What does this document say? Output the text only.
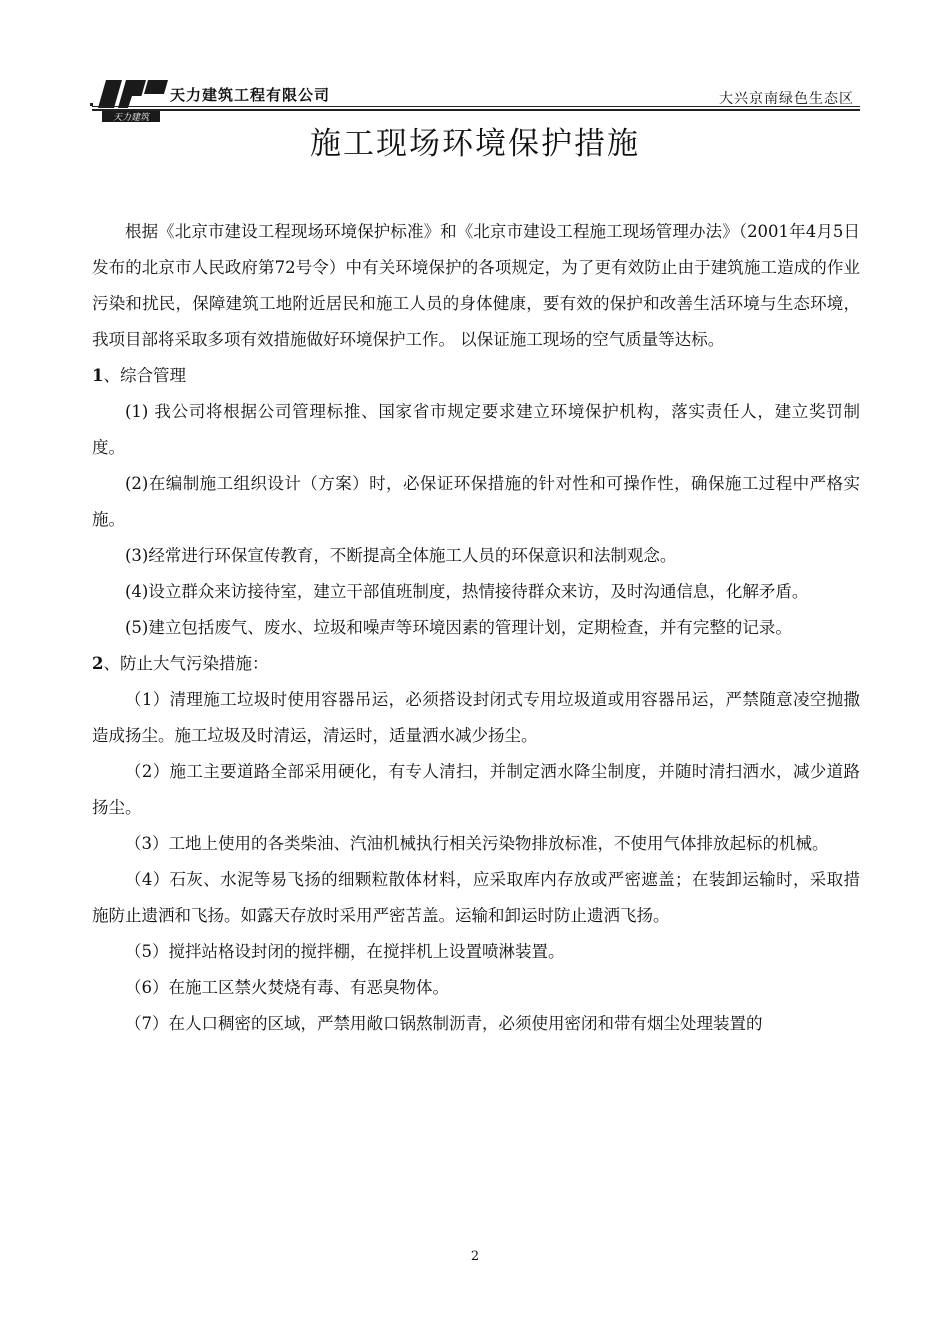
天力建筑
天力建筑工程有限公司	大兴京南绿色生态区
施工现场环境保护措施

根据《北京市建设工程现场环境保护标准》和《北京市建设工程施工现场管理办法》（2001年4月5日发布的北京市人民政府第72号令）中有关环境保护的各项规定，为了更有效防止由于建筑施工造成的作业污染和扰民，保障建筑工地附近居民和施工人员的身体健康，要有效的保护和改善生活环境与生态环境，我项目部将采取多项有效措施做好环境保护工作。 以保证施工现场的空气质量等达标。

1、综合管理

(1) 我公司将根据公司管理标推、国家省市规定要求建立环境保护机构，落实责任人，建立奖罚制度。

(2)在编制施工组织设计（方案）时，必保证环保措施的针对性和可操作性，确保施工过程中严格实施。

(3)经常进行环保宣传教育，不断提高全体施工人员的环保意识和法制观念。

(4)设立群众来访接待室，建立干部值班制度，热情接待群众来访，及时沟通信息，化解矛盾。

(5)建立包括废气、废水、垃圾和噪声等环境因素的管理计划，定期检查，并有完整的记录。

2、防止大气污染措施：

（1）清理施工垃圾时使用容器吊运，必须搭设封闭式专用垃圾道或用容器吊运，严禁随意凌空抛撒造成扬尘。施工垃圾及时清运，清运时，适量洒水减少扬尘。

（2）施工主要道路全部采用硬化，有专人清扫，并制定洒水降尘制度，并随时清扫洒水，减少道路扬尘。

（3）工地上使用的各类柴油、汽油机械执行相关污染物排放标准，不使用气体排放起标的机械。

（4）石灰、水泥等易飞扬的细颗粒散体材料，应采取库内存放或严密遮盖；在装卸运输时，采取措施防止遗洒和飞扬。如露天存放时采用严密苫盖。运输和卸运时防止遗洒飞扬。

（5）搅拌站格设封闭的搅拌棚，在搅拌机上设置喷淋装置。

（6）在施工区禁火焚烧有毒、有恶臭物体。

（7）在人口稠密的区域，严禁用敞口锅熬制沥青，必须使用密闭和带有烟尘处理装置的

2
